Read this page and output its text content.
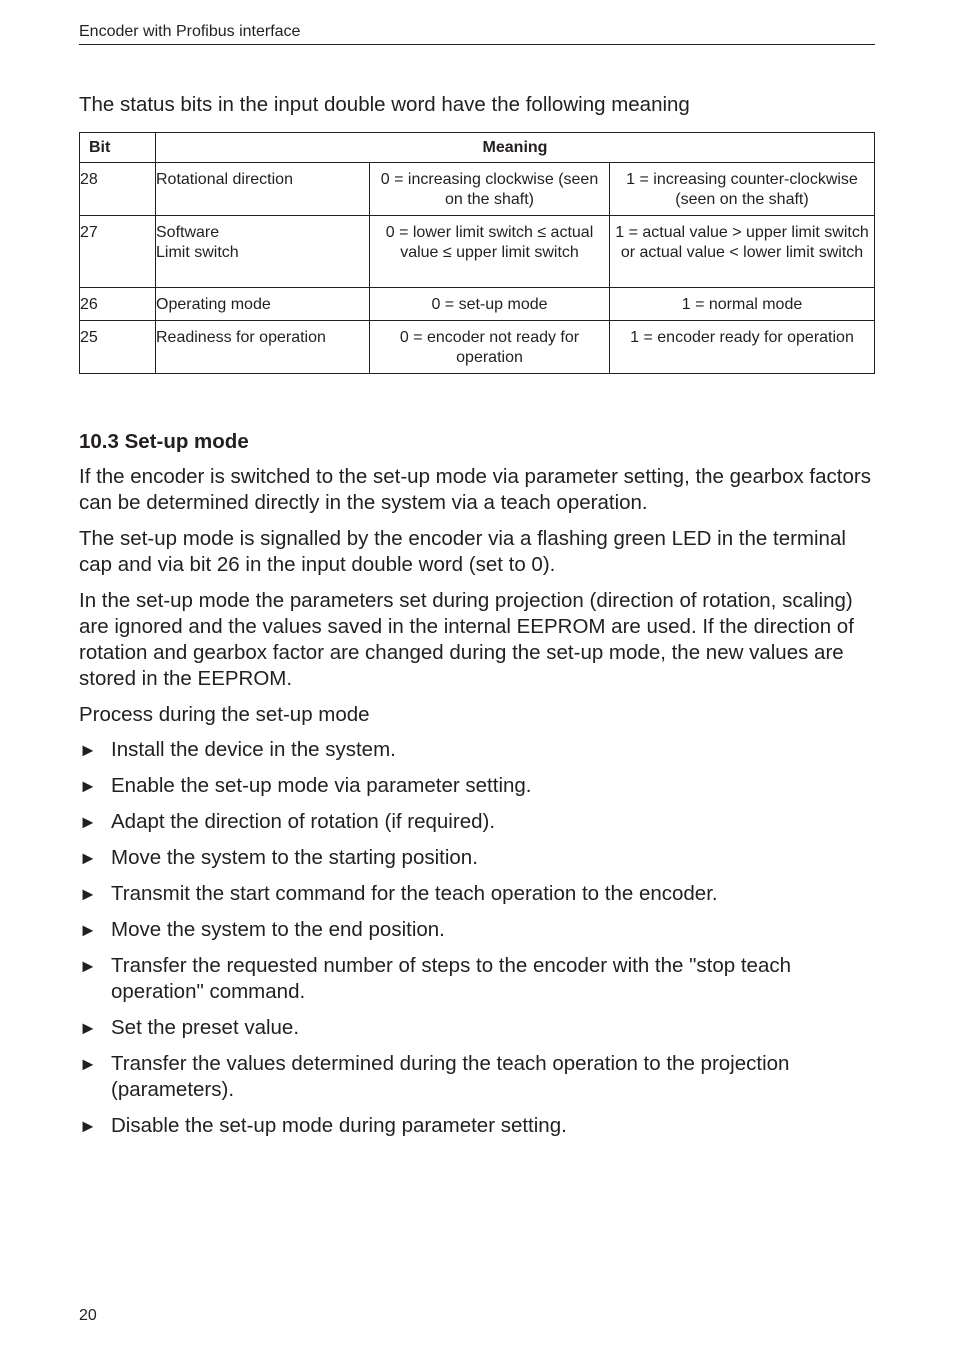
Encoder with Profibus interface

The status bits in the input double word have the following meaning

Bit	Meaning		
28	Rotational direction	0 = increasing clockwise (seen on the shaft)	1 = increasing counter-clockwise (seen on the shaft)
27	Software
Limit switch	0 = lower limit switch ≤ actual value ≤ upper limit switch	1 = actual value > upper limit switch or actual value < lower limit switch
26	Operating mode	0 = set-up mode	1 = normal mode
25	Readiness for operation	0 = encoder not ready for operation	1 = encoder ready for operation
10.3 Set-up mode

If the encoder is switched to the set-up mode via parameter setting, the gearbox factors can be determined directly in the system via a teach operation.

The set-up mode is signalled by the encoder via a flashing green LED in the terminal cap and via bit 26 in the input double word (set to 0).

In the set-up mode the parameters set during projection (direction of rotation, scaling) are ignored and the values saved in the internal EEPROM are used. If the direction of rotation and gearbox factor are changed during the set-up mode, the new values are stored in the EEPROM.

Process during the set-up mode

► Install the device in the system.
► Enable the set-up mode via parameter setting.
► Adapt the direction of rotation (if required).
► Move the system to the starting position.
► Transmit the start command for the teach operation to the encoder.
► Move the system to the end position.
► Transfer the requested number of steps to the encoder with the "stop teach operation" command.
► Set the preset value.
► Transfer the values determined during the teach operation to the projection (parameters).
► Disable the set-up mode during parameter setting.
20
